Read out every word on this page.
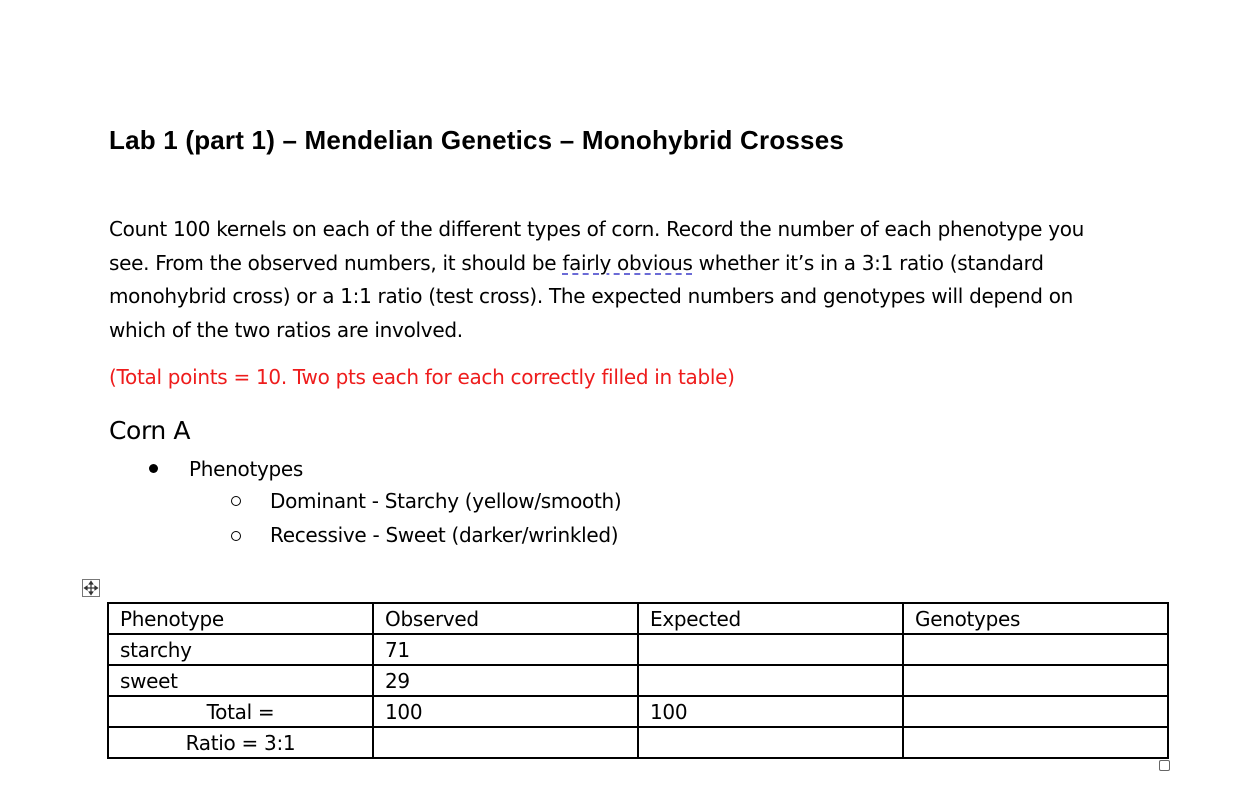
Lab 1 (part 1) – Mendelian Genetics – Monohybrid Crosses
Count 100 kernels on each of the different types of corn. Record the number of each phenotype you
see. From the observed numbers, it should be fairly obvious whether it’s in a 3:1 ratio (standard
monohybrid cross) or a 1:1 ratio (test cross). The expected numbers and genotypes will depend on
which of the two ratios are involved.
(Total points = 10. Two pts each for each correctly filled in table)
Corn A
Phenotypes
Dominant - Starchy (yellow/smooth)
Recessive - Sweet (darker/wrinkled)
Phenotype	Observed	Expected	Genotypes
starchy	71		
sweet	29		
Total =	100	100	
Ratio = 3:1			
